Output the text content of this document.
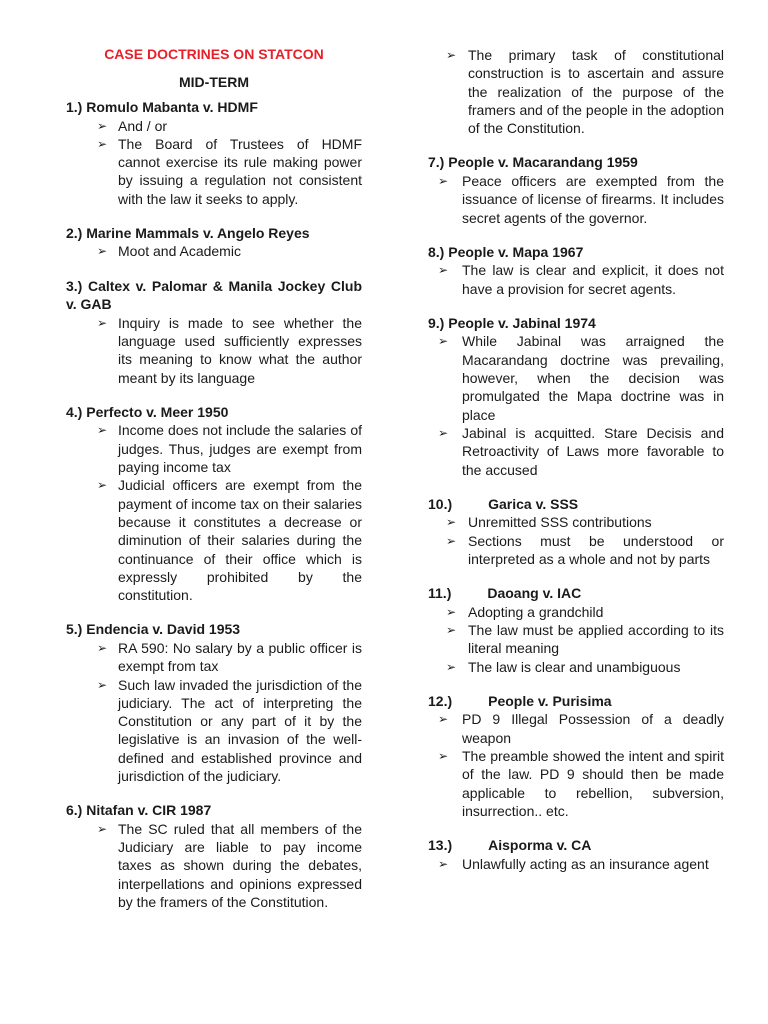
CASE DOCTRINES ON STATCON
MID-TERM
1.) Romulo Mabanta v. HDMF
➢ And / or
➢ The Board of Trustees of HDMF cannot exercise its rule making power by issuing a regulation not consistent with the law it seeks to apply.
2.) Marine Mammals v. Angelo Reyes
➢ Moot and Academic
3.) Caltex v. Palomar & Manila Jockey Club v. GAB
➢ Inquiry is made to see whether the language used sufficiently expresses its meaning to know what the author meant by its language
4.) Perfecto v. Meer 1950
➢ Income does not include the salaries of judges. Thus, judges are exempt from paying income tax
➢ Judicial officers are exempt from the payment of income tax on their salaries because it constitutes a decrease or diminution of their salaries during the continuance of their office which is expressly prohibited by the constitution.
5.) Endencia v. David 1953
➢ RA 590: No salary by a public officer is exempt from tax
➢ Such law invaded the jurisdiction of the judiciary. The act of interpreting the Constitution or any part of it by the legislative is an invasion of the well-defined and established province and jurisdiction of the judiciary.
6.) Nitafan v. CIR 1987
➢ The SC ruled that all members of the Judiciary are liable to pay income taxes as shown during the debates, interpellations and opinions expressed by the framers of the Constitution.
➢ The primary task of constitutional construction is to ascertain and assure the realization of the purpose of the framers and of the people in the adoption of the Constitution.
7.) People v. Macarandang 1959
➢ Peace officers are exempted from the issuance of license of firearms. It includes secret agents of the governor.
8.) People v. Mapa 1967
➢ The law is clear and explicit, it does not have a provision for secret agents.
9.) People v. Jabinal 1974
➢ While Jabinal was arraigned the Macarandang doctrine was prevailing, however, when the decision was promulgated the Mapa doctrine was in place
➢ Jabinal is acquitted. Stare Decisis and Retroactivity of Laws more favorable to the accused
10.)	Garica v. SSS
➢ Unremitted SSS contributions
➢ Sections must be understood or interpreted as a whole and not by parts
11.)	Daoang v. IAC
➢ Adopting a grandchild
➢ The law must be applied according to its literal meaning
➢ The law is clear and unambiguous
12.)	People v. Purisima
➢ PD 9 Illegal Possession of a deadly weapon
➢ The preamble showed the intent and spirit of the law. PD 9 should then be made applicable to rebellion, subversion, insurrection.. etc.
13.)	Aisporma v. CA
➢ Unlawfully acting as an insurance agent
